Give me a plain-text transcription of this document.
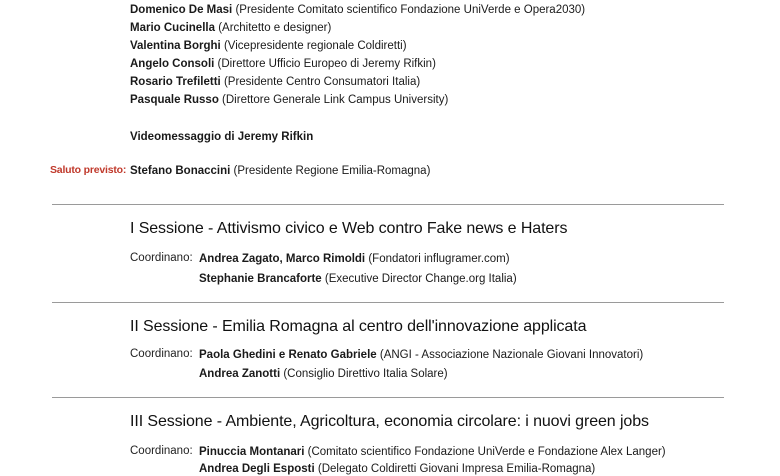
Domenico De Masi (Presidente Comitato scientifico Fondazione UniVerde e Opera2030)
Mario Cucinella (Architetto e designer)
Valentina Borghi (Vicepresidente regionale Coldiretti)
Angelo Consoli (Direttore Ufficio Europeo di Jeremy Rifkin)
Rosario Trefiletti (Presidente Centro Consumatori Italia)
Pasquale Russo (Direttore Generale Link Campus University)
Videomessaggio di Jeremy Rifkin
Saluto previsto: Stefano Bonaccini (Presidente Regione Emilia-Romagna)
I Sessione - Attivismo civico e Web contro Fake news e Haters
Coordinano: Andrea Zagato, Marco Rimoldi (Fondatori influgramer.com)
Stephanie Brancaforte (Executive Director Change.org Italia)
II Sessione - Emilia Romagna al centro dell'innovazione applicata
Coordinano: Paola Ghedini e Renato Gabriele (ANGI - Associazione Nazionale Giovani Innovatori)
Andrea Zanotti (Consiglio Direttivo Italia Solare)
III Sessione - Ambiente, Agricoltura, economia circolare: i nuovi green jobs
Coordinano: Pinuccia Montanari (Comitato scientifico Fondazione UniVerde e Fondazione Alex Langer)
Andrea Degli Esposti (Delegato Coldiretti Giovani Impresa Emilia-Romagna)
